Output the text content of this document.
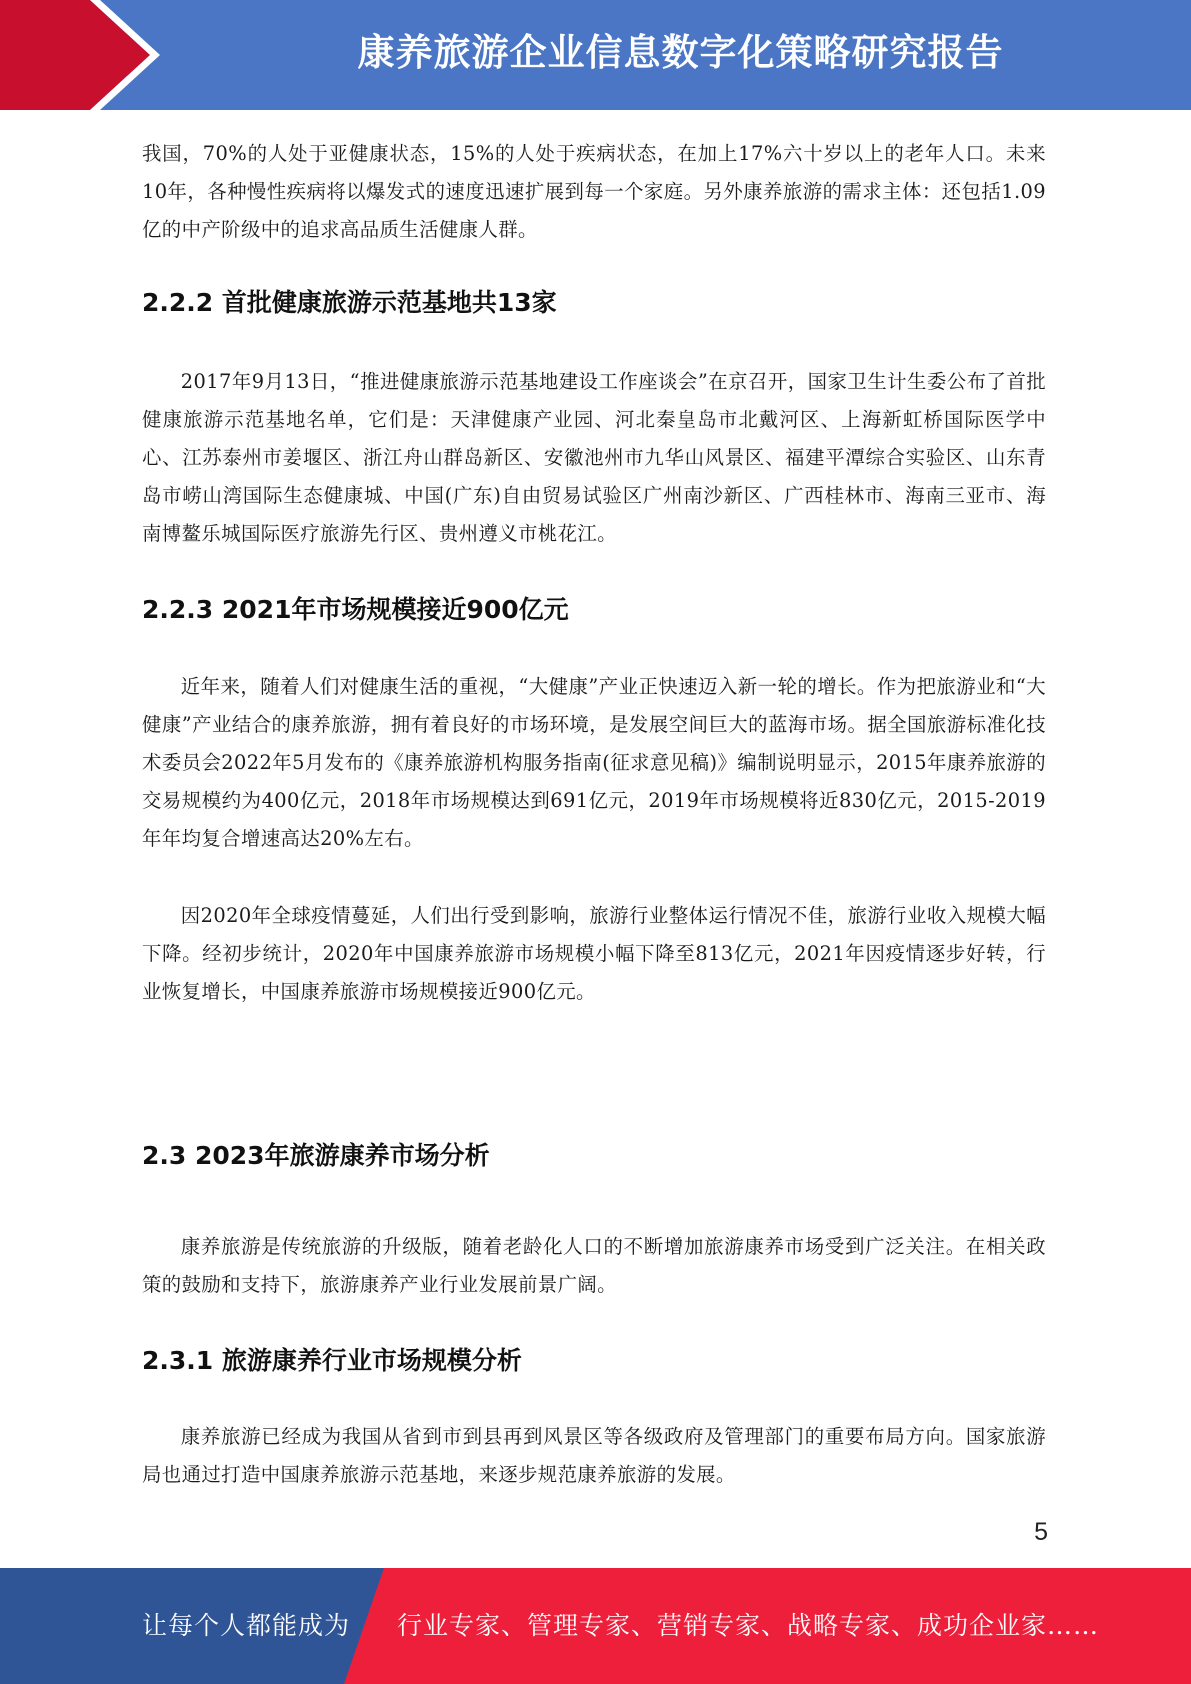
康养旅游企业信息数字化策略研究报告

我国，70%的人处于亚健康状态，15%的人处于疾病状态，在加上17%六十岁以上的老年人口。未来10年，各种慢性疾病将以爆发式的速度迅速扩展到每一个家庭。另外康养旅游的需求主体：还包括1.09亿的中产阶级中的追求高品质生活健康人群。

2.2.2 首批健康旅游示范基地共13家

2017年9月13日，“推进健康旅游示范基地建设工作座谈会”在京召开，国家卫生计生委公布了首批健康旅游示范基地名单，它们是：天津健康产业园、河北秦皇岛市北戴河区、上海新虹桥国际医学中心、江苏泰州市姜堰区、浙江舟山群岛新区、安徽池州市九华山风景区、福建平潭综合实验区、山东青岛市崂山湾国际生态健康城、中国(广东)自由贸易试验区广州南沙新区、广西桂林市、海南三亚市、海南博鳌乐城国际医疗旅游先行区、贵州遵义市桃花江。

2.2.3 2021年市场规模接近900亿元

近年来，随着人们对健康生活的重视，“大健康”产业正快速迈入新一轮的增长。作为把旅游业和“大健康”产业结合的康养旅游，拥有着良好的市场环境，是发展空间巨大的蓝海市场。据全国旅游标准化技术委员会2022年5月发布的《康养旅游机构服务指南(征求意见稿)》编制说明显示，2015年康养旅游的交易规模约为400亿元，2018年市场规模达到691亿元，2019年市场规模将近830亿元，2015-2019年年均复合增速高达20%左右。

因2020年全球疫情蔓延，人们出行受到影响，旅游行业整体运行情况不佳，旅游行业收入规模大幅下降。经初步统计，2020年中国康养旅游市场规模小幅下降至813亿元，2021年因疫情逐步好转，行业恢复增长，中国康养旅游市场规模接近900亿元。

2.3 2023年旅游康养市场分析

康养旅游是传统旅游的升级版，随着老龄化人口的不断增加旅游康养市场受到广泛关注。在相关政策的鼓励和支持下，旅游康养产业行业发展前景广阔。

2.3.1 旅游康养行业市场规模分析

康养旅游已经成为我国从省到市到县再到风景区等各级政府及管理部门的重要布局方向。国家旅游局也通过打造中国康养旅游示范基地，来逐步规范康养旅游的发展。

5
让每个人都能成为 行业专家、管理专家、营销专家、战略专家、成功企业家……
